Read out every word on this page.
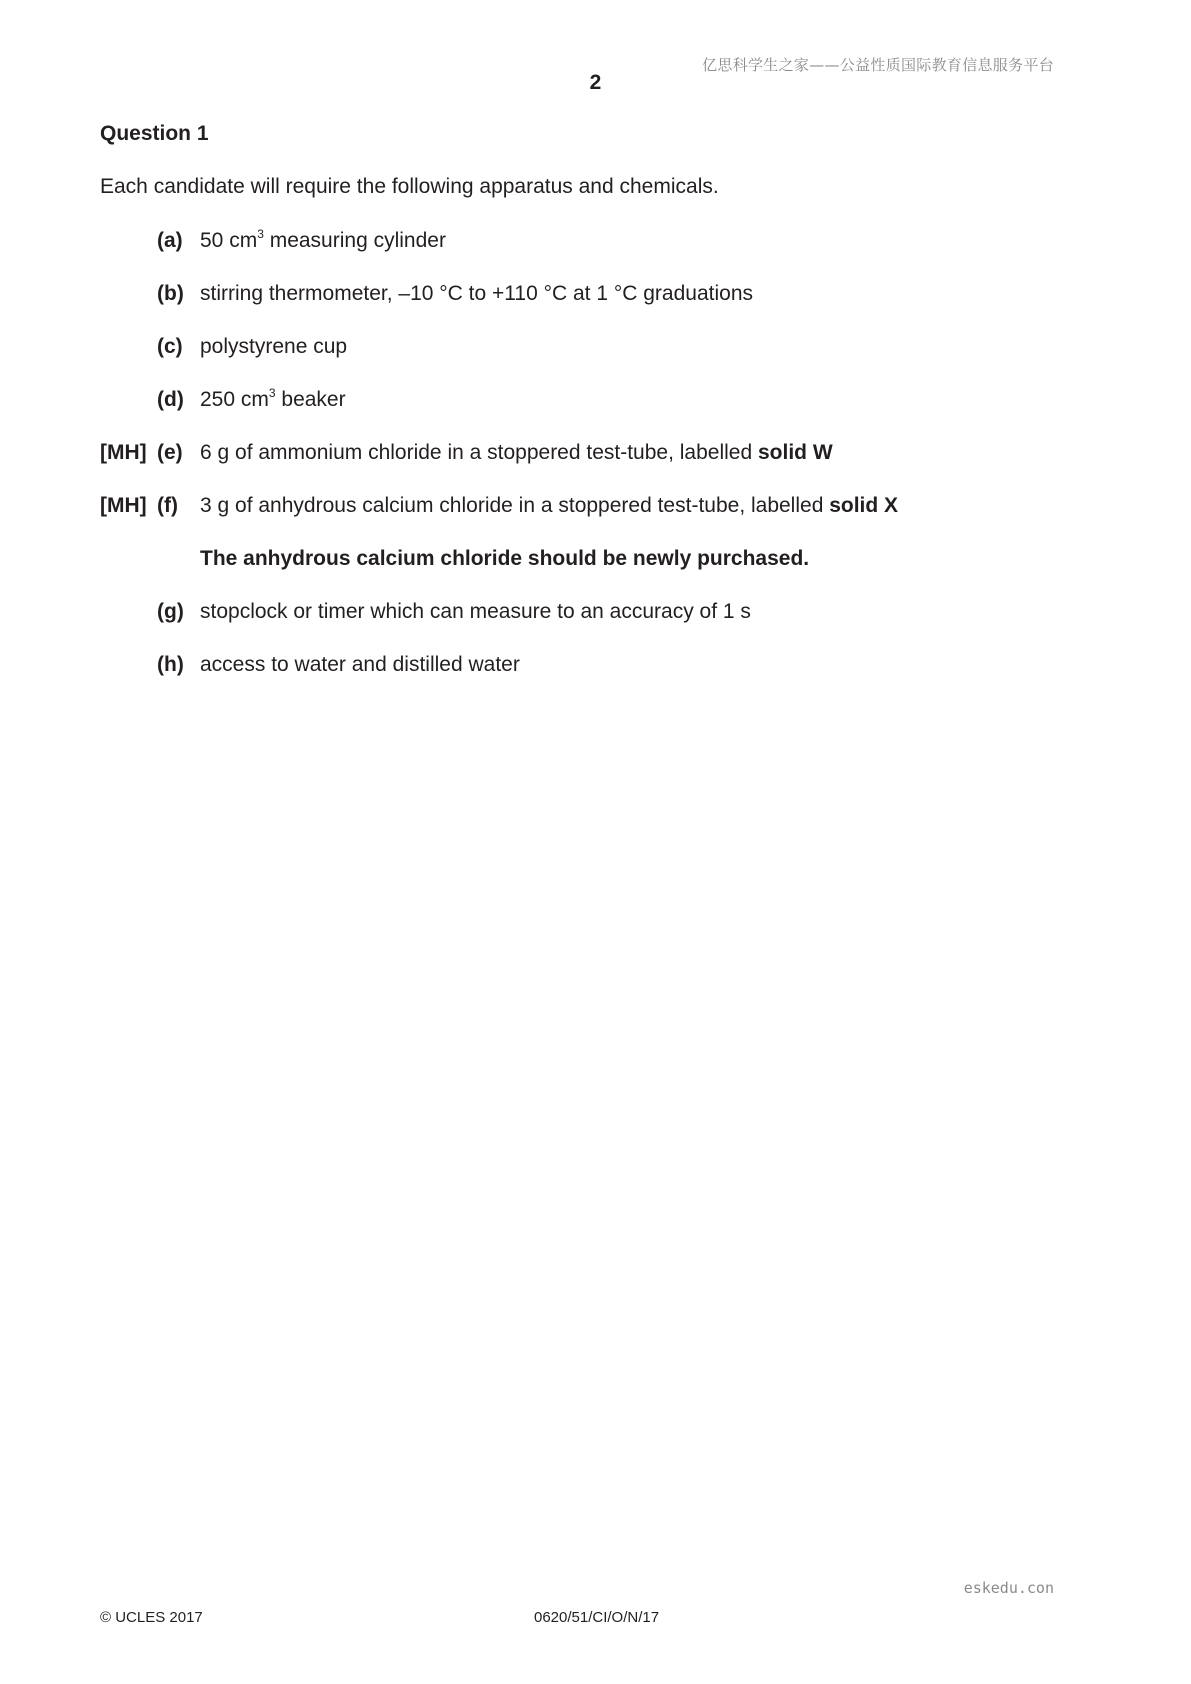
亿思科学生之家——公益性质国际教育信息服务平台
2
Question 1
Each candidate will require the following apparatus and chemicals.
(a) 50 $cm^3$ measuring cylinder
(b) stirring thermometer, –10 °C to +110 °C at 1 °C graduations
(c) polystyrene cup
(d) 250 $cm^3$ beaker
[MH] (e) 6 g of ammonium chloride in a stoppered test-tube, labelled solid W
[MH] (f) 3 g of anhydrous calcium chloride in a stoppered test-tube, labelled solid X
The anhydrous calcium chloride should be newly purchased.
(g) stopclock or timer which can measure to an accuracy of 1 s
(h) access to water and distilled water
eskedu.con
© UCLES 2017	0620/51/CI/O/N/17
